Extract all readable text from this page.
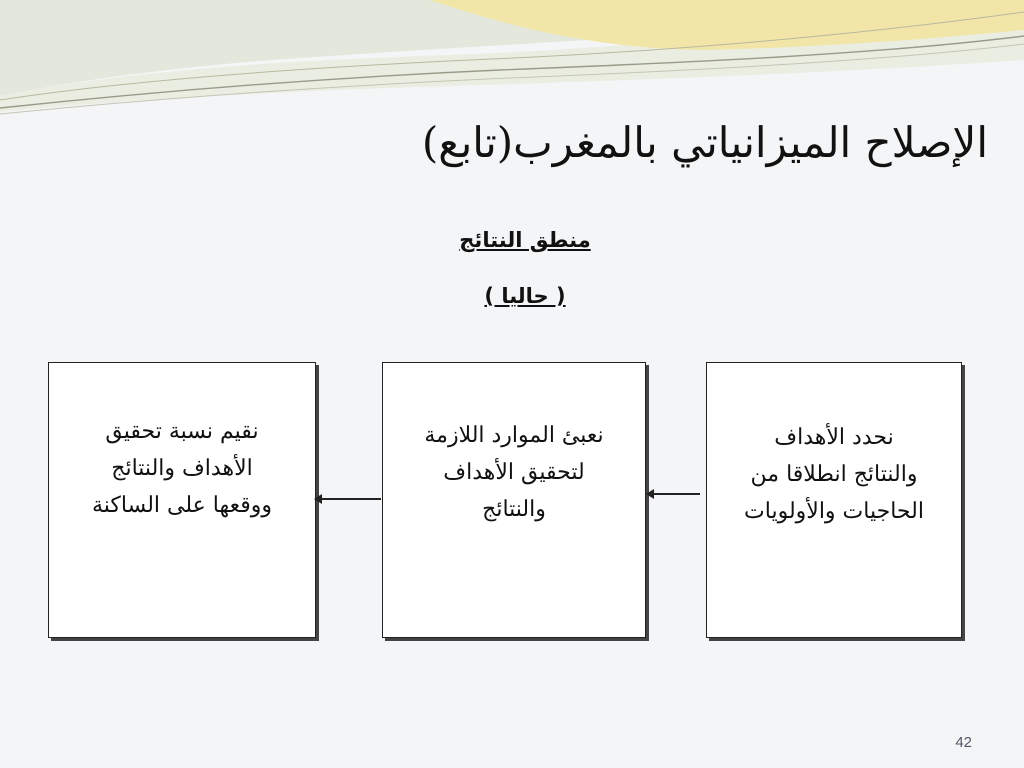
الإصلاح الميزانياتي بالمغرب(تابع)
منطق النتائج
( حاليا )
نحدد الأهداف
والنتائج انطلاقا من
الحاجيات والأولويات
نعبئ الموارد اللازمة
لتحقيق الأهداف
والنتائج
نقيم نسبة تحقيق
الأهداف والنتائج
ووقعها على الساكنة
42
